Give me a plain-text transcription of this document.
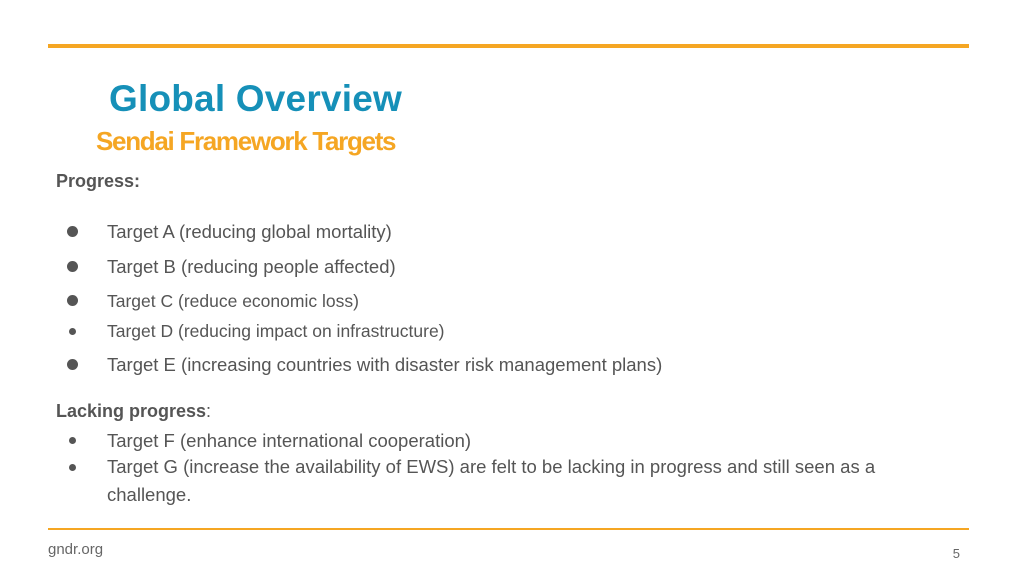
Global Overview
Sendai Framework Targets
Progress:
Target A (reducing global mortality)
Target B (reducing people affected)
Target C (reduce economic loss)
Target D (reducing impact on infrastructure)
Target E (increasing countries with disaster risk management plans)
Lacking progress:
Target F (enhance international cooperation)
Target G (increase the availability of EWS) are felt to be lacking in progress and still seen as a challenge.
gndr.org	5
